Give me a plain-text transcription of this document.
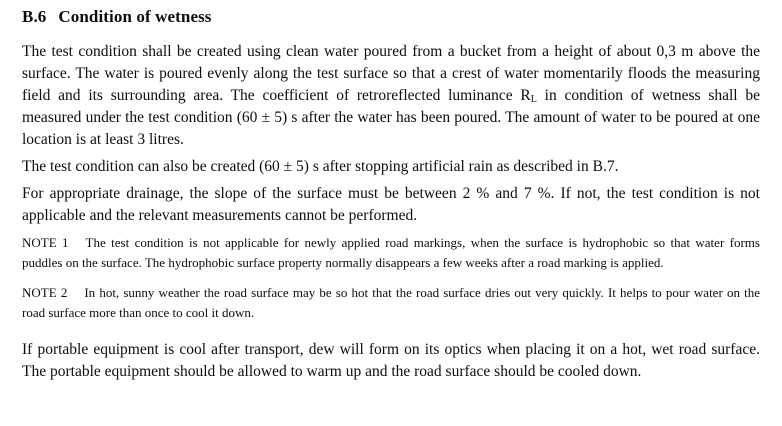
B.6 Condition of wetness

The test condition shall be created using clean water poured from a bucket from a height of about 0,3 m above the surface. The water is poured evenly along the test surface so that a crest of water momentarily floods the measuring field and its surrounding area. The coefficient of retroreflected luminance $R_L$ in condition of wetness shall be measured under the test condition (60 ± 5) s after the water has been poured. The amount of water to be poured at one location is at least 3 litres.

The test condition can also be created (60 ± 5) s after stopping artificial rain as described in B.7.

For appropriate drainage, the slope of the surface must be between 2 % and 7 %. If not, the test condition is not applicable and the relevant measurements cannot be performed.

NOTE 1 The test condition is not applicable for newly applied road markings, when the surface is hydrophobic so that water forms puddles on the surface. The hydrophobic surface property normally disappears a few weeks after a road marking is applied.

NOTE 2 In hot, sunny weather the road surface may be so hot that the road surface dries out very quickly. It helps to pour water on the road surface more than once to cool it down.

If portable equipment is cool after transport, dew will form on its optics when placing it on a hot, wet road surface. The portable equipment should be allowed to warm up and the road surface should be cooled down.
